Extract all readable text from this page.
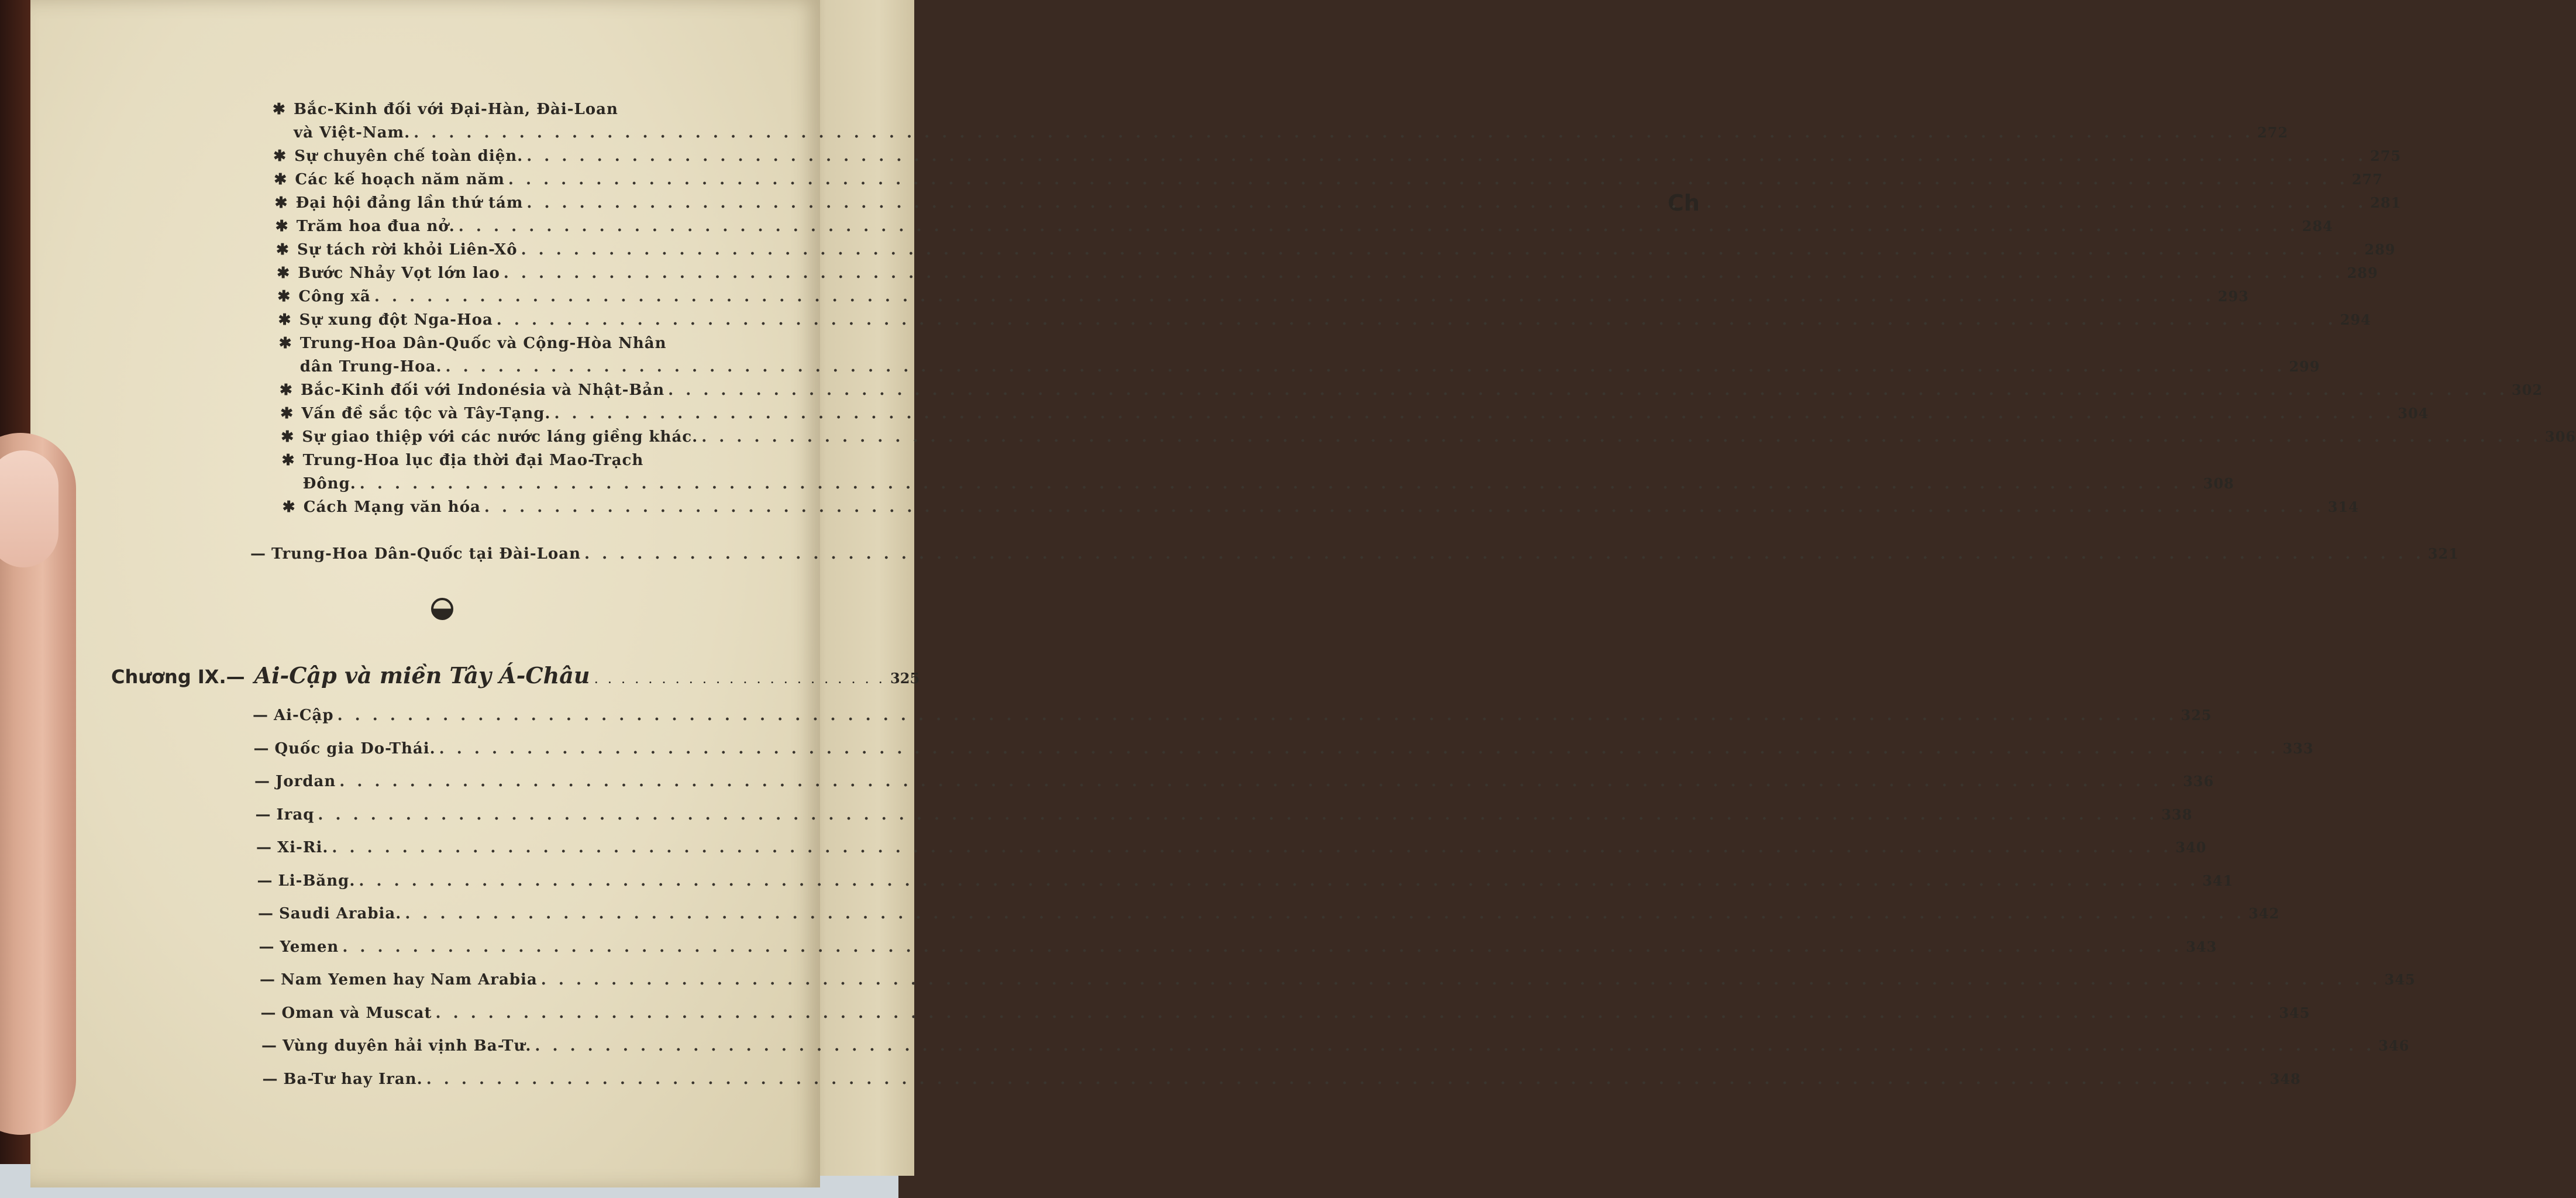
Ch
Chương IX.— Ai-Cập và miền Tây Á-Châu . . .	325
✱ Bắc-Kinh đối với Đại-Hàn, Đài-Loan
và Việt-Nam. . . .	272
✱ Sự chuyên chế toàn diện. . . .	275
✱ Các kế hoạch năm năm . . .	277
✱ Đại hội đảng lần thứ tám . . .	281
✱ Trăm hoa đua nở. . . .	284
✱ Sự tách rời khỏi Liên-Xô . . .	289
✱ Bước Nhảy Vọt lớn lao . . .	289
✱ Công xã . . .	293
✱ Sự xung đột Nga-Hoa . . .	294
✱ Trung-Hoa Dân-Quốc và Cộng-Hòa Nhân
dân Trung-Hoa. . . .	299
✱ Bắc-Kinh đối với Indonésia và Nhật-Bản . . .	302
✱ Vấn đề sắc tộc và Tây-Tạng. . . .	304
✱ Sự giao thiệp với các nước láng giềng khác. . . .	306
✱ Trung-Hoa lục địa thời đại Mao-Trạch
Đông. . . .	308
✱ Cách Mạng văn hóa . . .	314
— Trung-Hoa Dân-Quốc tại Đài-Loan . . .	321
— Ai-Cập . . .	325
— Quốc gia Do-Thái. . . .	333
— Jordan . . .	336
— Iraq . . .	338
— Xi-Ri. . . .	340
— Li-Băng. . . .	341
— Saudi Arabia. . . .	342
— Yemen . . .	343
— Nam Yemen hay Nam Arabia . . .	345
— Oman và Muscat . . .	345
— Vùng duyên hải vịnh Ba-Tư. . . .	346
— Ba-Tư hay Iran. . . .	348
